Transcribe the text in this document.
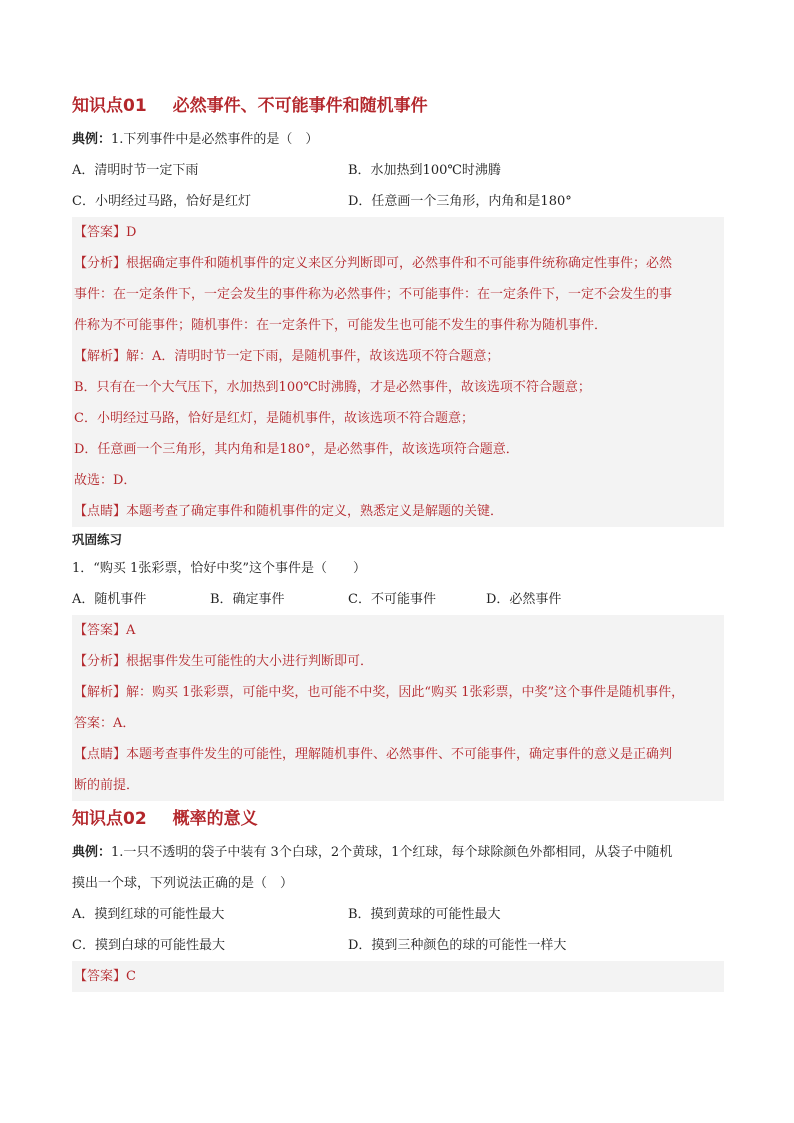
知识点01 必然事件、不可能事件和随机事件
典例：1.下列事件中是必然事件的是（　）
A．清明时节一定下雨	B．水加热到100℃时沸腾
C．小明经过马路，恰好是红灯	D．任意画一个三角形，内角和是180°
【答案】D
【分析】根据确定事件和随机事件的定义来区分判断即可，必然事件和不可能事件统称确定性事件；必然
事件：在一定条件下，一定会发生的事件称为必然事件；不可能事件：在一定条件下，一定不会发生的事
件称为不可能事件；随机事件：在一定条件下，可能发生也可能不发生的事件称为随机事件．
【解析】解：A．清明时节一定下雨，是随机事件，故该选项不符合题意；
B．只有在一个大气压下，水加热到100℃时沸腾，才是必然事件，故该选项不符合题意；
C．小明经过马路，恰好是红灯，是随机事件，故该选项不符合题意；
D．任意画一个三角形，其内角和是180°，是必然事件，故该选项符合题意．
故选：D．
【点睛】本题考查了确定事件和随机事件的定义，熟悉定义是解题的关键．
巩固练习
1．“购买 1张彩票，恰好中奖”这个事件是（　　）
A．随机事件	B．确定事件	C．不可能事件	D．必然事件
【答案】A
【分析】根据事件发生可能性的大小进行判断即可．
【解析】解：购买 1张彩票，可能中奖，也可能不中奖，因此“购买 1张彩票，中奖”这个事件是随机事件，
答案：A．
【点睛】本题考查事件发生的可能性，理解随机事件、必然事件、不可能事件，确定事件的意义是正确判
断的前提．
知识点02 概率的意义
典例：1.一只不透明的袋子中装有 3个白球，2个黄球，1个红球，每个球除颜色外都相同，从袋子中随机
摸出一个球，下列说法正确的是（　）
A．摸到红球的可能性最大	B．摸到黄球的可能性最大
C．摸到白球的可能性最大	D．摸到三种颜色的球的可能性一样大
【答案】C
